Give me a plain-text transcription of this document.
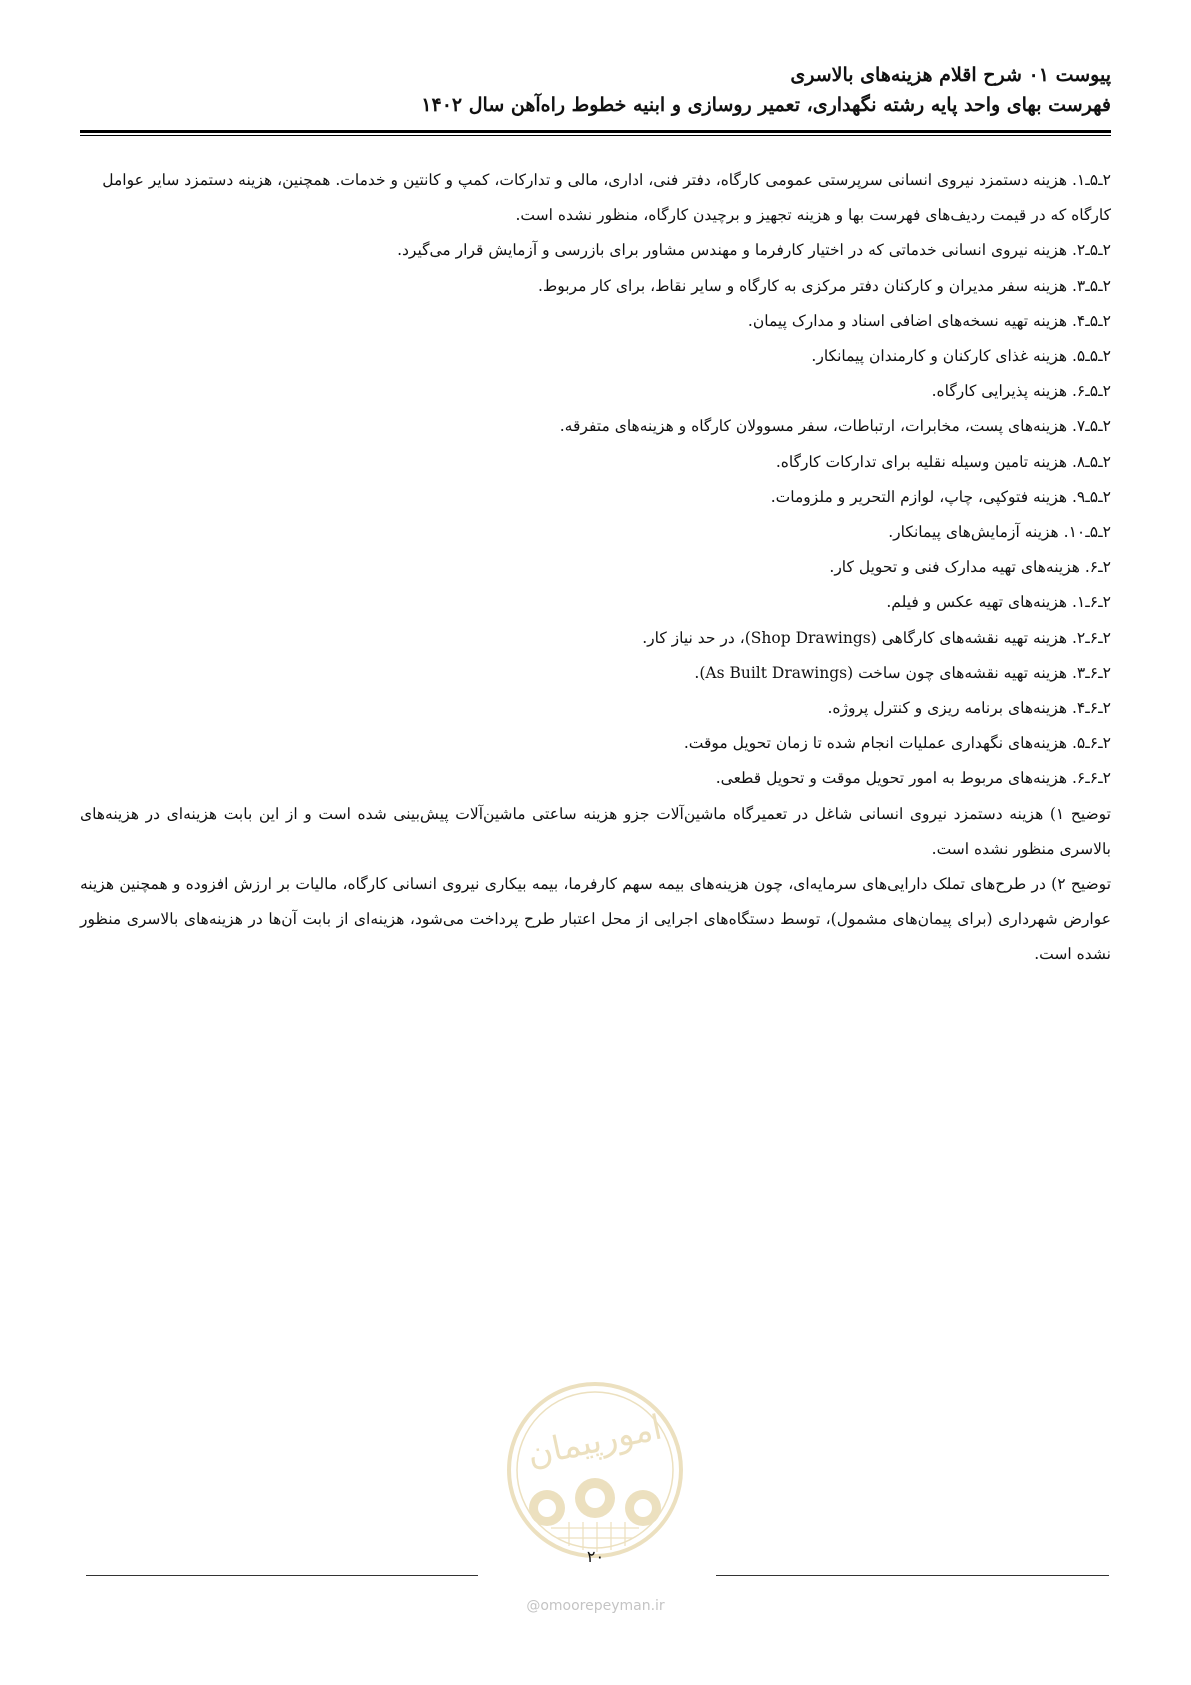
پیوست ۰۱ شرح اقلام هزینه‌های بالاسری
فهرست بهای واحد پایه رشته نگهداری، تعمیر روسازی و ابنیه خطوط راه‌آهن سال ۱۴۰۲

۲ـ۵ـ۱. هزینه دستمزد نیروی انسانی سرپرستی عمومی کارگاه، دفتر فنی، اداری، مالی و تدارکات، کمپ و کانتین و خدمات. همچنین، هزینه دستمزد سایر عوامل کارگاه که در قیمت ردیف‌های فهرست بها و هزینه تجهیز و برچیدن کارگاه، منظور نشده است.

۲ـ۵ـ۲. هزینه نیروی انسانی خدماتی که در اختیار کارفرما و مهندس مشاور برای بازرسی و آزمایش قرار می‌گیرد.

۲ـ۵ـ۳. هزینه سفر مدیران و کارکنان دفتر مرکزی به کارگاه و سایر نقاط، برای کار مربوط.

۲ـ۵ـ۴. هزینه تهیه نسخه‌های اضافی اسناد و مدارک پیمان.

۲ـ۵ـ۵. هزینه غذای کارکنان و کارمندان پیمانکار.

۲ـ۵ـ۶. هزینه پذیرایی کارگاه.

۲ـ۵ـ۷. هزینه‌های پست، مخابرات، ارتباطات، سفر مسوولان کارگاه و هزینه‌های متفرقه.

۲ـ۵ـ۸. هزینه تامین وسیله نقلیه برای تدارکات کارگاه.

۲ـ۵ـ۹. هزینه فتوکپی، چاپ، لوازم التحریر و ملزومات.

۲ـ۵ـ۱۰. هزینه آزمایش‌های پیمانکار.

۲ـ۶. هزینه‌های تهیه مدارک فنی و تحویل کار.

۲ـ۶ـ۱. هزینه‌های تهیه عکس و فیلم.

۲ـ۶ـ۲. هزینه تهیه نقشه‌های کارگاهی (Shop Drawings)، در حد نیاز کار.

۲ـ۶ـ۳. هزینه تهیه نقشه‌های چون ساخت (As Built Drawings).

۲ـ۶ـ۴. هزینه‌های برنامه ریزی و کنترل پروژه.

۲ـ۶ـ۵. هزینه‌های نگهداری عملیات انجام شده تا زمان تحویل موقت.

۲ـ۶ـ۶. هزینه‌های مربوط به امور تحویل موقت و تحویل قطعی.

توضیح ۱) هزینه دستمزد نیروی انسانی شاغل در تعمیرگاه ماشین‌آلات جزو هزینه ساعتی ماشین‌آلات پیش‌بینی شده است و از این بابت هزینه‌ای در هزینه‌های بالاسری منظور نشده است.

توضیح ۲) در طرح‌های تملک دارایی‌های سرمایه‌ای، چون هزینه‌های بیمه سهم کارفرما، بیمه بیکاری نیروی انسانی کارگاه، مالیات بر ارزش افزوده و همچنین هزینه عوارض شهرداری (برای پیمان‌های مشمول)، توسط دستگاه‌های اجرایی از محل اعتبار طرح پرداخت می‌شود، هزینه‌ای از بابت آن‌ها در هزینه‌های بالاسری منظور نشده است.

امورپیمان
۲۰
@omoorepeyman.ir
